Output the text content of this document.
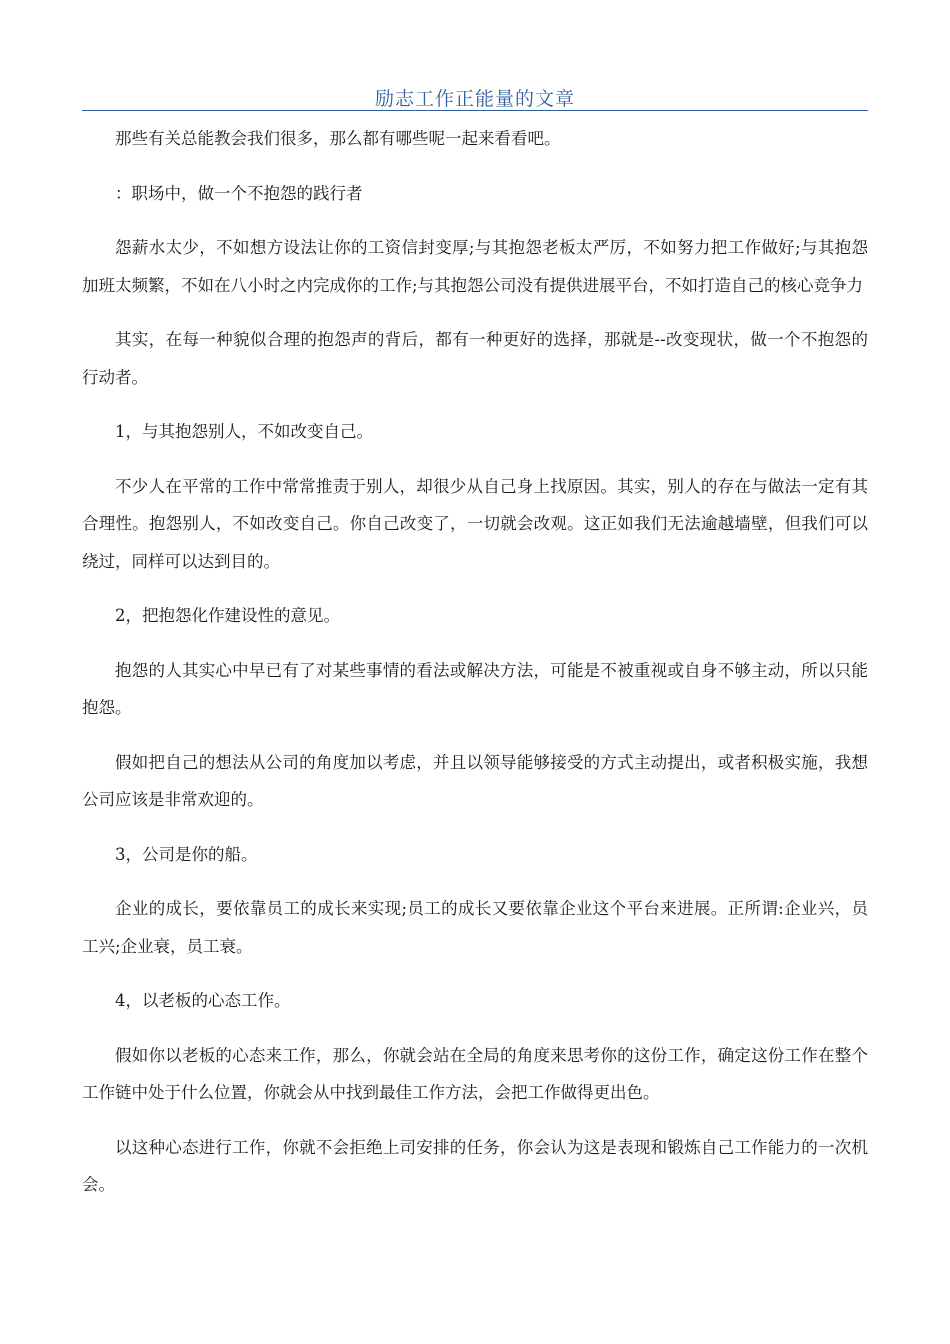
励志工作正能量的文章

那些有关总能教会我们很多，那么都有哪些呢一起来看看吧。

：职场中，做一个不抱怨的践行者

怨薪水太少，不如想方设法让你的工资信封变厚;与其抱怨老板太严厉，不如努力把工作做好;与其抱怨加班太频繁，不如在八小时之内完成你的工作;与其抱怨公司没有提供进展平台，不如打造自己的核心竞争力

其实，在每一种貌似合理的抱怨声的背后，都有一种更好的选择，那就是--改变现状，做一个不抱怨的行动者。

1，与其抱怨别人，不如改变自己。

不少人在平常的工作中常常推责于别人，却很少从自己身上找原因。其实，别人的存在与做法一定有其合理性。抱怨别人，不如改变自己。你自己改变了，一切就会改观。这正如我们无法逾越墙壁，但我们可以绕过，同样可以达到目的。

2，把抱怨化作建设性的意见。

抱怨的人其实心中早已有了对某些事情的看法或解决方法，可能是不被重视或自身不够主动，所以只能抱怨。

假如把自己的想法从公司的角度加以考虑，并且以领导能够接受的方式主动提出，或者积极实施，我想公司应该是非常欢迎的。

3，公司是你的船。

企业的成长，要依靠员工的成长来实现;员工的成长又要依靠企业这个平台来进展。正所谓:企业兴，员工兴;企业衰，员工衰。

4，以老板的心态工作。

假如你以老板的心态来工作，那么，你就会站在全局的角度来思考你的这份工作，确定这份工作在整个工作链中处于什么位置，你就会从中找到最佳工作方法，会把工作做得更出色。

以这种心态进行工作，你就不会拒绝上司安排的任务，你会认为这是表现和锻炼自己工作能力的一次机会。
